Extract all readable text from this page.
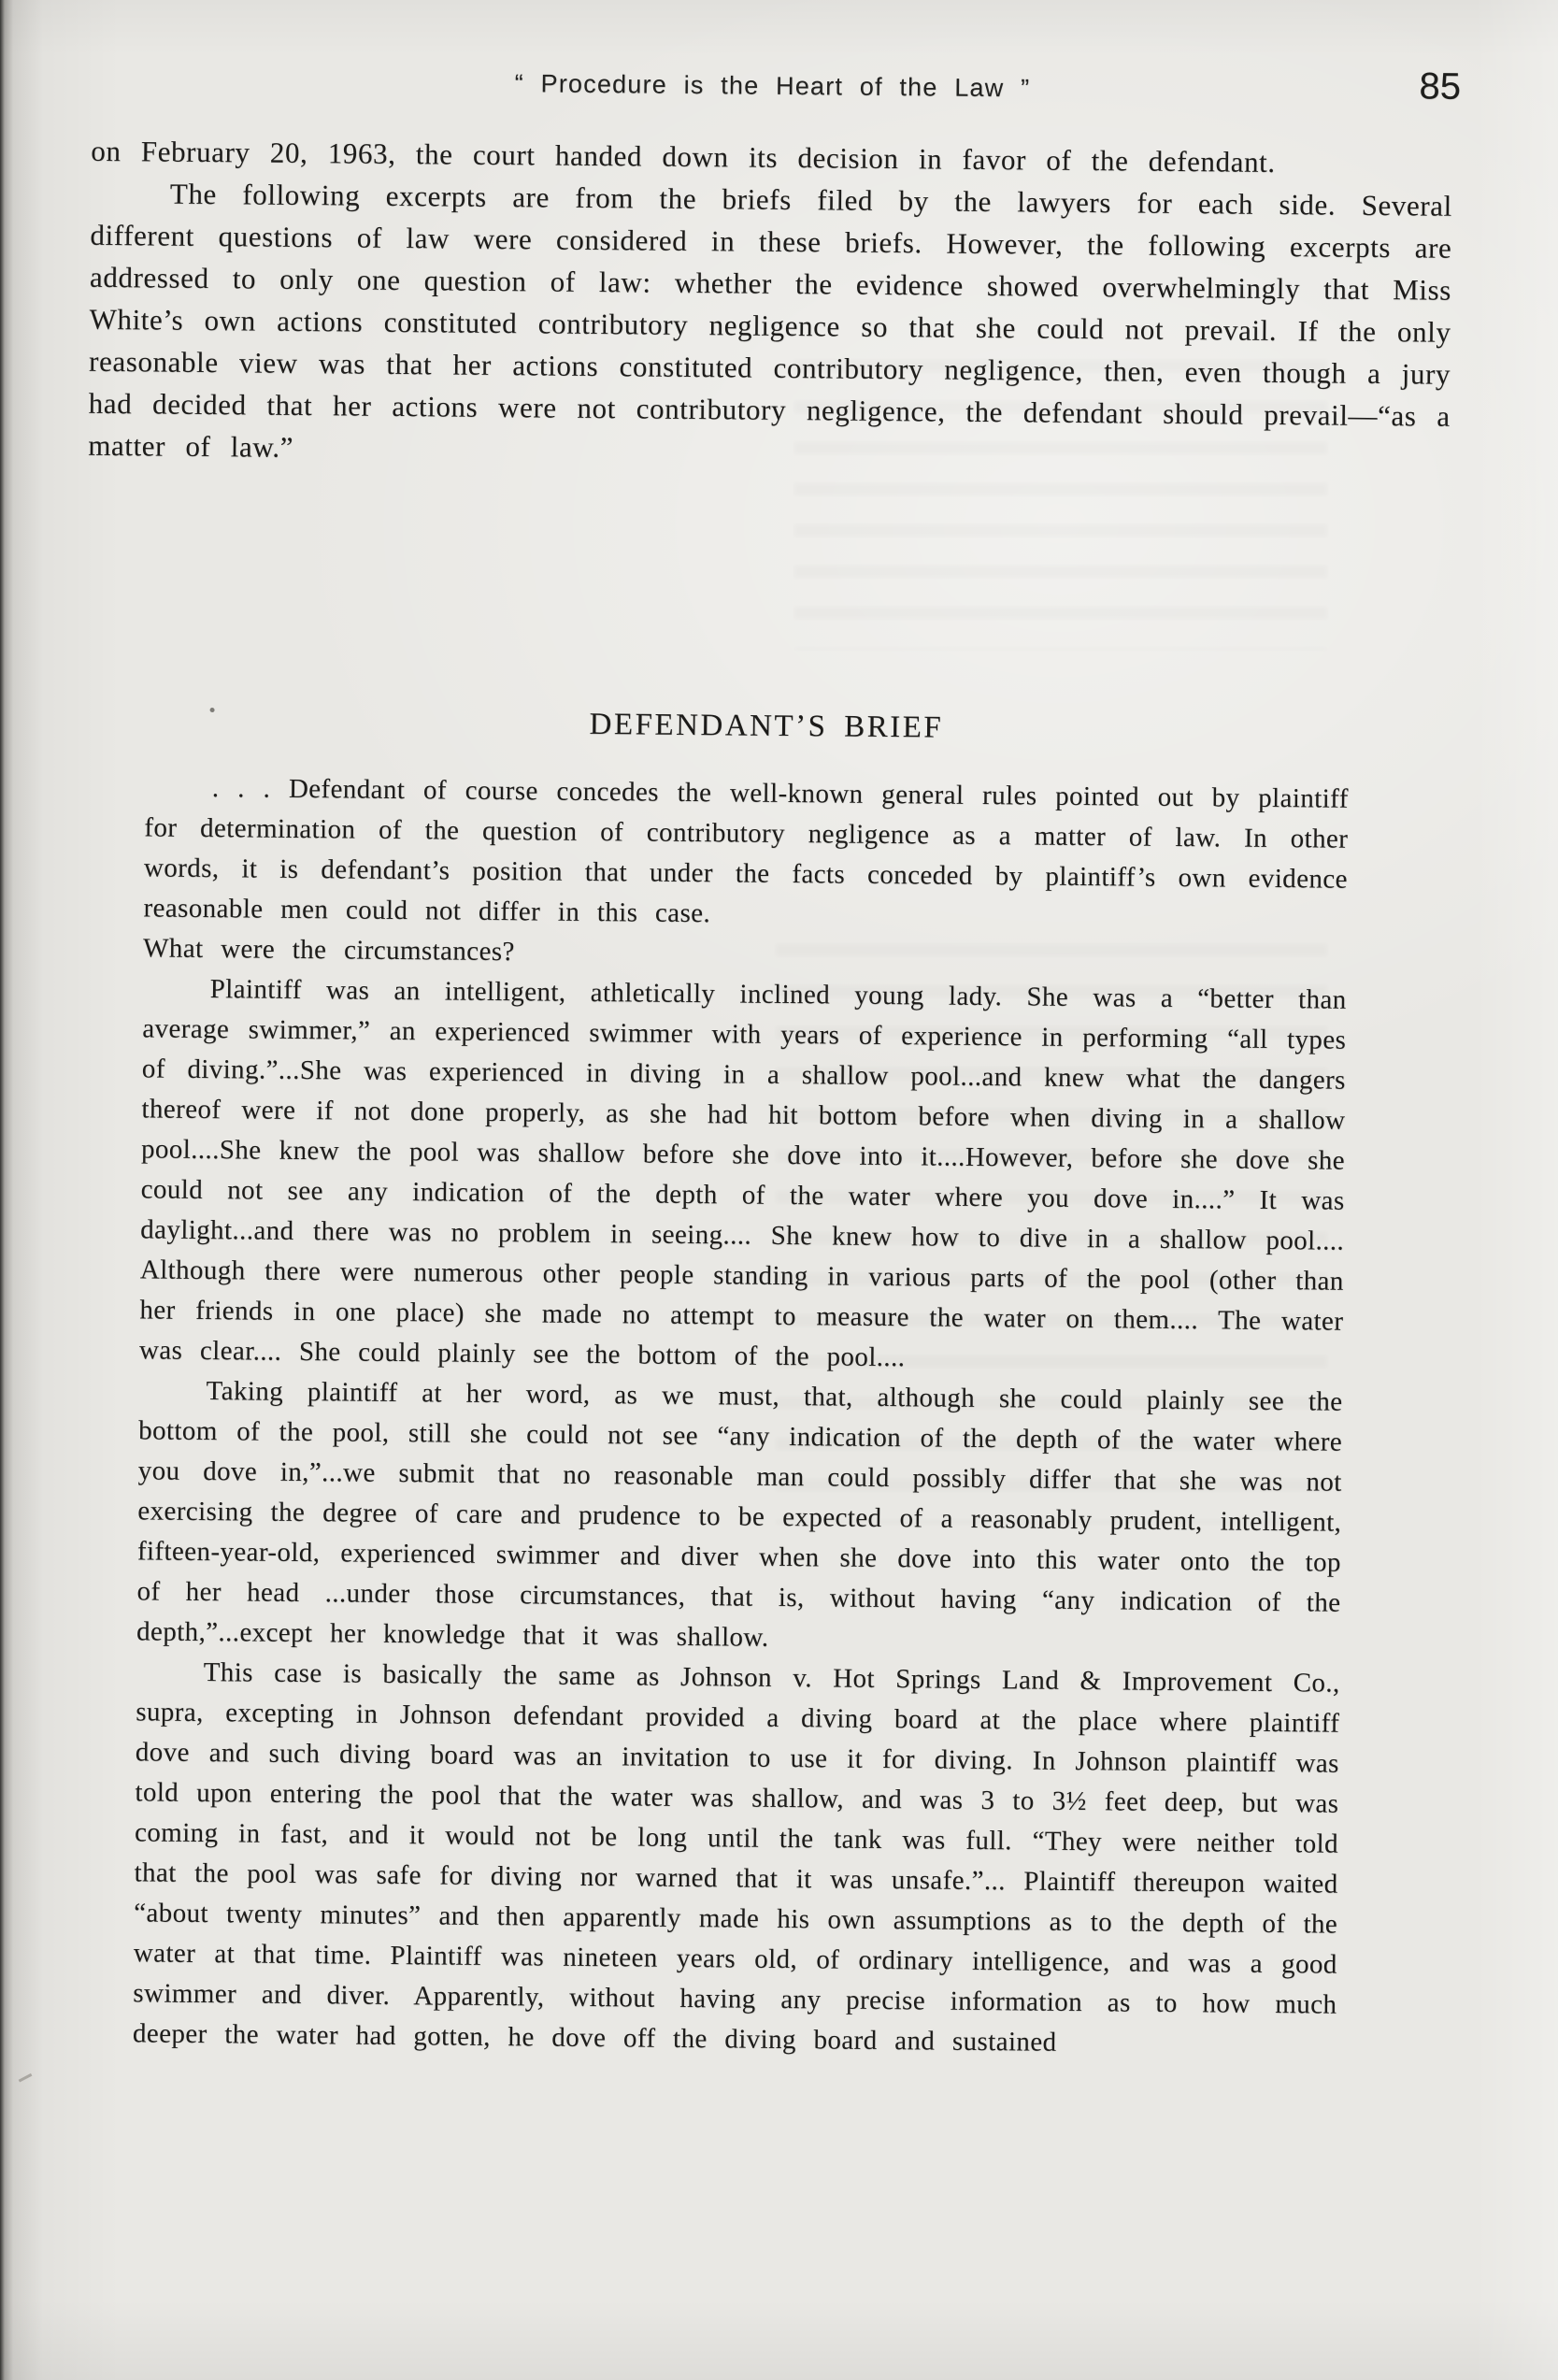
“ Procedure is the Heart of the Law ”	85

on February 20, 1963, the court handed down its decision in favor of the defendant.

The following excerpts are from the briefs filed by the lawyers for each side. Several different questions of law were considered in these briefs. However, the following excerpts are addressed to only one question of law: whether the evidence showed overwhelmingly that Miss White’s own actions constituted contributory negligence so that she could not prevail. If the only reasonable view was that her actions constituted contributory negligence, then, even though a jury had decided that her actions were not contributory negligence, the defendant should prevail—“as a matter of law.”

DEFENDANT’S BRIEF

. . . Defendant of course concedes the well-known general rules pointed out by plaintiff for determination of the question of contributory negligence as a matter of law. In other words, it is defendant’s position that under the facts conceded by plaintiff’s own evidence reasonable men could not differ in this case.

What were the circumstances?

Plaintiff was an intelligent, athletically inclined young lady. She was a “better than average swimmer,” an experienced swimmer with years of experience in performing “all types of diving.”...She was experienced in diving in a shallow pool...and knew what the dangers thereof were if not done properly, as she had hit bottom before when diving in a shallow pool....She knew the pool was shallow before she dove into it....However, before she dove she could not see any indication of the depth of the water where you dove in....” It was daylight...and there was no problem in seeing.... She knew how to dive in a shallow pool.... Although there were numerous other people standing in various parts of the pool (other than her friends in one place) she made no attempt to measure the water on them.... The water was clear.... She could plainly see the bottom of the pool....

Taking plaintiff at her word, as we must, that, although she could plainly see the bottom of the pool, still she could not see “any indication of the depth of the water where you dove in,”...we submit that no reasonable man could possibly differ that she was not exercising the degree of care and prudence to be expected of a reasonably prudent, intelligent, fifteen-year-old, experienced swimmer and diver when she dove into this water onto the top of her head ...under those circumstances, that is, without having “any indication of the depth,”...except her knowledge that it was shallow.

This case is basically the same as Johnson v. Hot Springs Land & Improvement Co., supra, excepting in Johnson defendant provided a diving board at the place where plaintiff dove and such diving board was an invitation to use it for diving. In Johnson plaintiff was told upon entering the pool that the water was shallow, and was 3 to 3½ feet deep, but was coming in fast, and it would not be long until the tank was full. “They were neither told that the pool was safe for diving nor warned that it was unsafe.”... Plaintiff thereupon waited “about twenty minutes” and then apparently made his own assumptions as to the depth of the water at that time. Plaintiff was nineteen years old, of ordinary intelligence, and was a good swimmer and diver. Apparently, without having any precise information as to how much deeper the water had gotten, he dove off the diving board and sustained
